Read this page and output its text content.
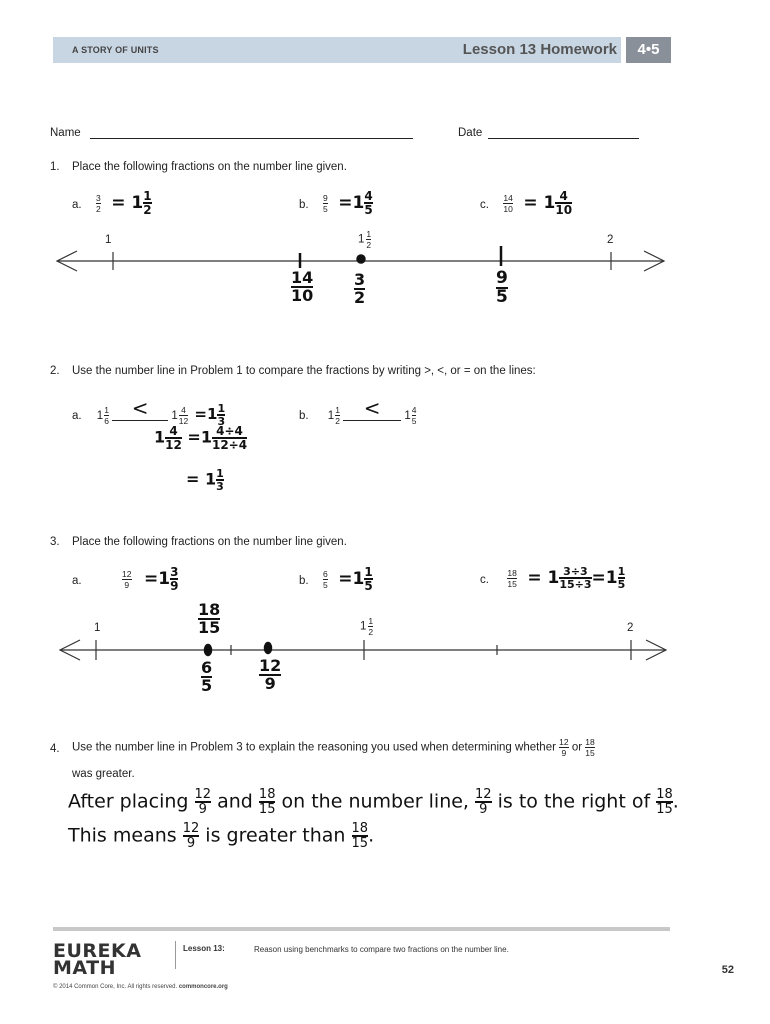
A STORY OF UNITS	Lesson 13 Homework	4•5
Name	Date
1. Place the following fractions on the number line given.
a. $\frac{3}{2} = 1 \frac{1}{2}$	b. $\frac{9}{5} =1 \frac{4}{5}$	c. $\frac{14}{10} = 1 \frac{4}{10}$
1	$1 \frac{1}{2}$	2
$\frac{14}{10}$	$\frac{3}{2}$	$\frac{9}{5}$
2. Use the number line in Problem 1 to compare the fractions by writing >, <, or = on the lines:
a. $1 \frac{1}{6} < 1 \frac{4}{12} =1 \frac{1}{3}$	b. $1 \frac{1}{2} < 1 \frac{4}{5}$
$1 \frac{4}{12} =1 \frac{4\div 4}{12\div 4}$
= $1 \frac{1}{3}$
3. Place the following fractions on the number line given.
a.	$\frac{12}{9} =1 \frac{3}{9}$	b. $\frac{6}{5} =1 \frac{1}{5}$	c. $\frac{18}{15} = 1 \frac{3\div 3}{15\div 3} =1 \frac{1}{5}$
1	$1 \frac{1}{2}$	2
$\frac{18}{15}$
$\frac{6}{5}$	$\frac{12}{9}$
4. Use the number line in Problem 3 to explain the reasoning you used when determining whether $\frac{12}{9}$ or $\frac{18}{15}$
was greater.
After placing $\frac{12}{9}$ and $\frac{18}{15}$ on the number line, $\frac{12}{9}$ is to the right of $\frac{18}{15}$ .
This means $\frac{12}{9}$ is greater than $\frac{18}{15}$ .
EUREKA
MATH
Lesson 13:	Reason using benchmarks to compare two fractions on the number line.
52
© 2014 Common Core, Inc. All rights reserved. commoncore.org
